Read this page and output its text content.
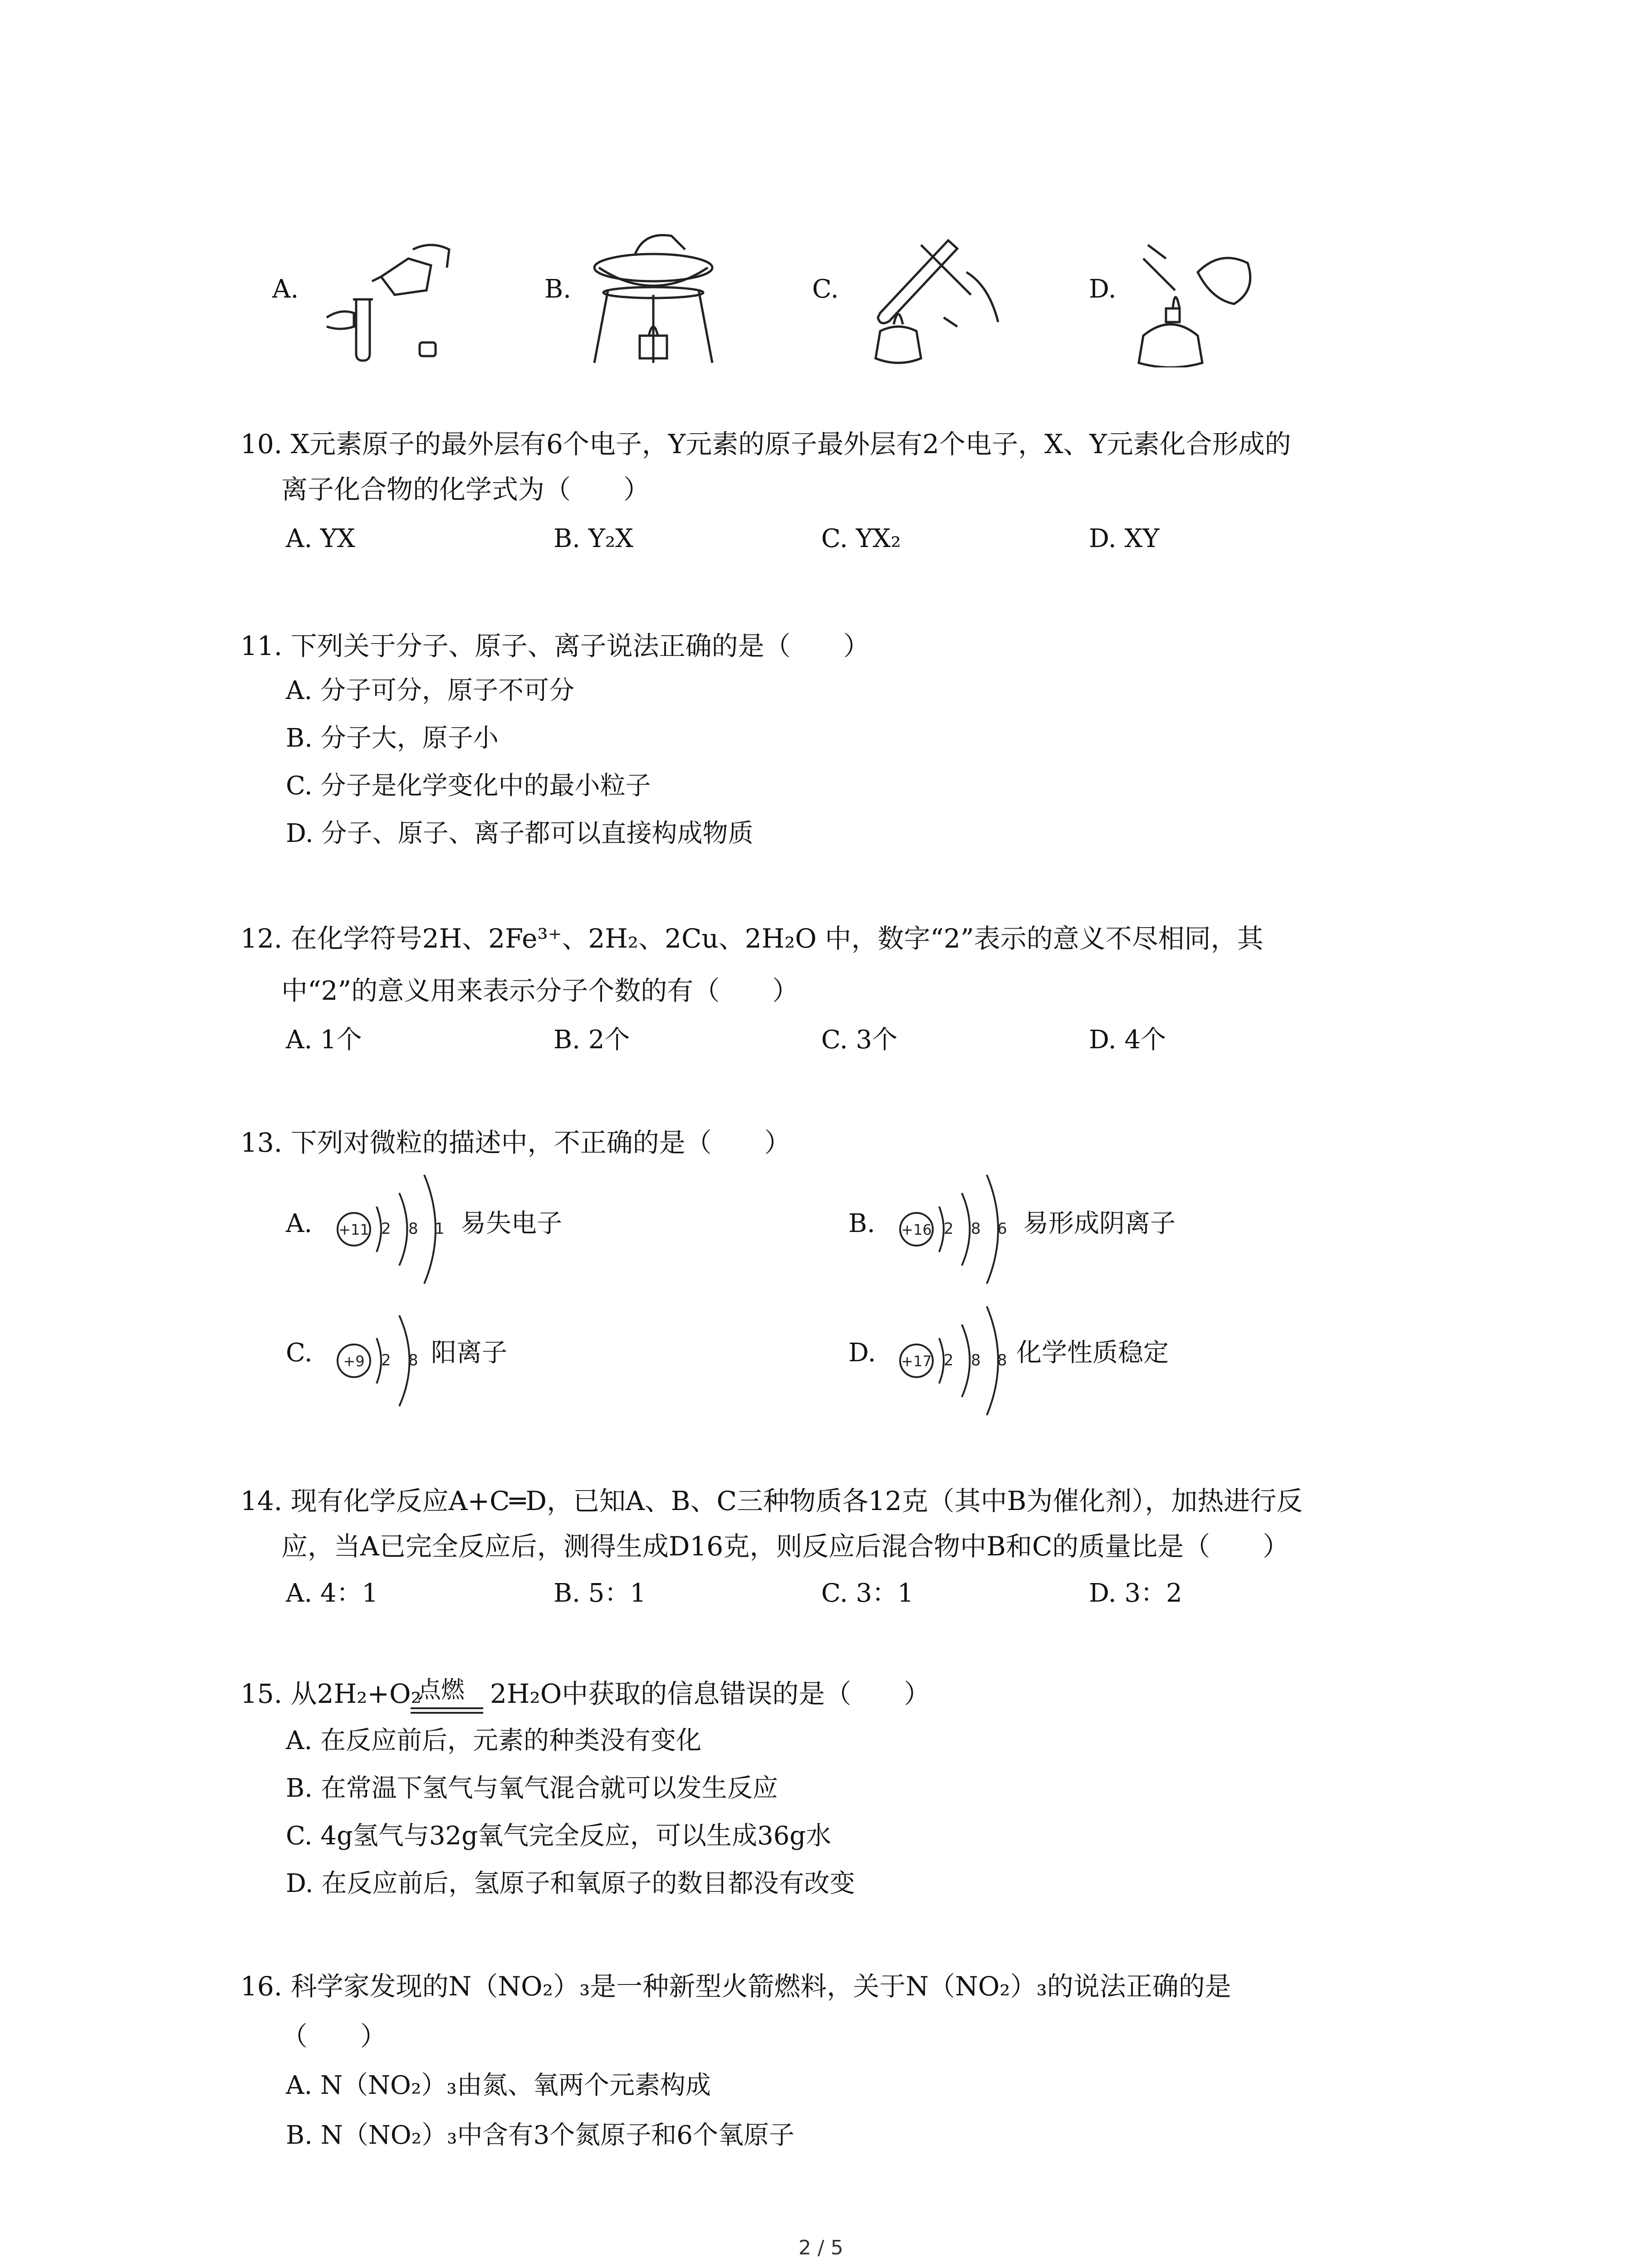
A.	B.	C.	D.
10. X元素原子的最外层有6个电子，Y元素的原子最外层有2个电子，X、Y元素化合形成的
离子化合物的化学式为（　　）
A. YX	B. Y₂X	C. YX₂	D. XY
11. 下列关于分子、原子、离子说法正确的是（　　）
A. 分子可分，原子不可分
B. 分子大，原子小
C. 分子是化学变化中的最小粒子
D. 分子、原子、离子都可以直接构成物质
12. 在化学符号2H、2Fe³⁺、2H₂、2Cu、2H₂O 中，数字“2”表示的意义不尽相同，其
中“2”的意义用来表示分子个数的有（　　）
A. 1个	B. 2个	C. 3个	D. 4个
13. 下列对微粒的描述中，不正确的是（　　）
A. +11 2 8 1 易失电子	B. +16 2 8 6 易形成阴离子
C. +9 2 8 阳离子	D. +17 2 8 8 化学性质稳定
14. 现有化学反应A+C═D，已知A、B、C三种物质各12克（其中B为催化剂），加热进行反
应，当A已完全反应后，测得生成D16克，则反应后混合物中B和C的质量比是（　　）
A. 4：1	B. 5：1	C. 3：1	D. 3：2
15. 从2H₂+O₂
点燃 2H₂O中获取的信息错误的是（　　）
A. 在反应前后，元素的种类没有变化
B. 在常温下氢气与氧气混合就可以发生反应
C. 4g氢气与32g氧气完全反应，可以生成36g水
D. 在反应前后，氢原子和氧原子的数目都没有改变
16. 科学家发现的N（NO₂）₃是一种新型火箭燃料，关于N（NO₂）₃的说法正确的是
（　　）
A. N（NO₂）₃由氮、氧两个元素构成
B. N（NO₂）₃中含有3个氮原子和6个氧原子
2 / 5
